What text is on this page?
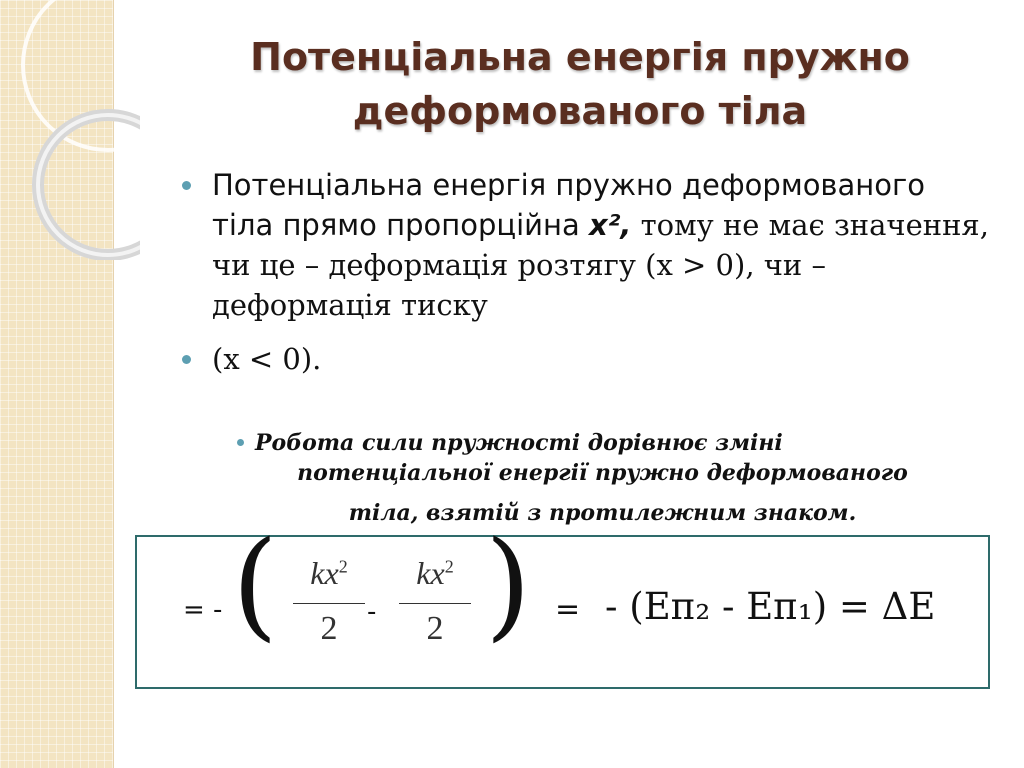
Потенціальна енергія пружно
деформованого тіла
Потенціальна енергія пружно деформованого тіла прямо пропорційна х², тому не має значення, чи це – деформація розтягу (х > 0), чи – деформація тиску
(х < 0).
Робота сили пружності дорівнює зміні
потенціальної енергії пружно деформованого
тіла, взятій з протилежним знаком.
= - (	$kx^2$
2	-
$kx^2$
2 ) = - (Еп₂ - Еп₁) = ΔЕ
